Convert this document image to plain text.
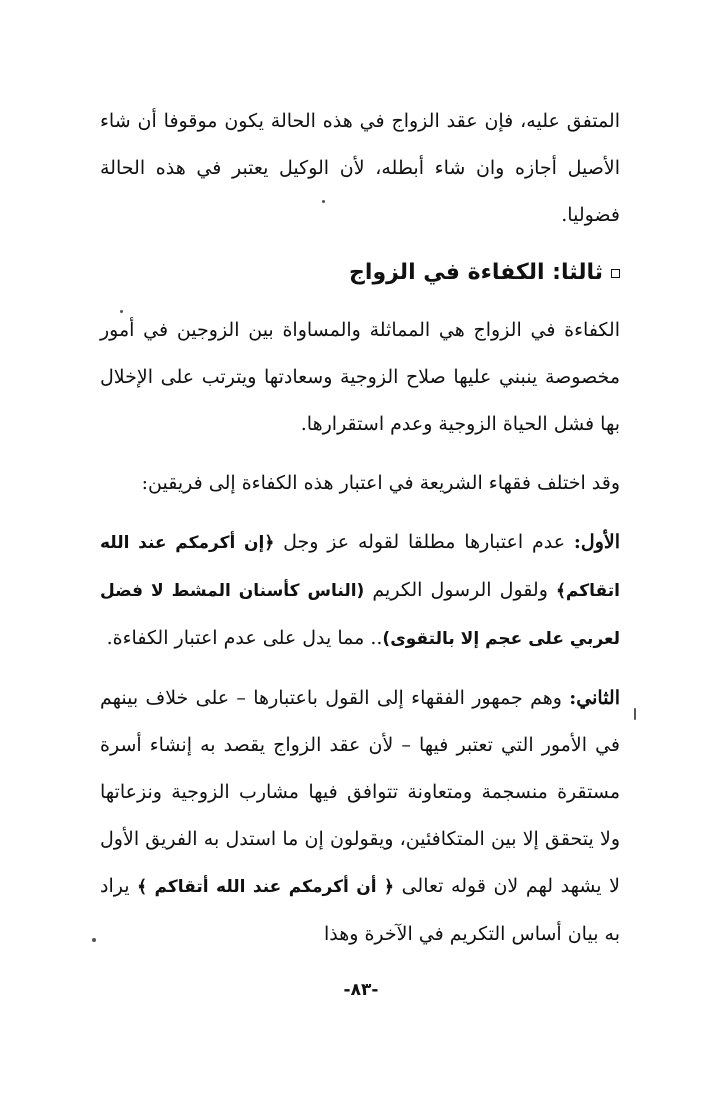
المتفق عليه، فإن عقد الزواج في هذه الحالة يكون موقوفا أن شاء الأصيل أجازه وان شاء أبطله، لأن الوكيل يعتبر في هذه الحالة فضوليا.

ثالثا: الكفاءة في الزواج

الكفاءة في الزواج هي المماثلة والمساواة بين الزوجين في أمور مخصوصة ينبني عليها صلاح الزوجية وسعادتها ويترتب على الإخلال بها فشل الحياة الزوجية وعدم استقرارها.

وقد اختلف فقهاء الشريعة في اعتبار هذه الكفاءة إلى فريقين:

الأول: عدم اعتبارها مطلقا لقوله عز وجل ﴿إن أكرمكم عند الله اتقاكم﴾ ولقول الرسول الكريم (الناس كأسنان المشط لا فضل لعربي على عجم إلا بالتقوى).. مما يدل على عدم اعتبار الكفاءة.

الثاني: وهم جمهور الفقهاء إلى القول باعتبارها – على خلاف بينهم في الأمور التي تعتبر فيها – لأن عقد الزواج يقصد به إنشاء أسرة مستقرة منسجمة ومتعاونة تتوافق فيها مشارب الزوجية ونزعاتها ولا يتحقق إلا بين المتكافئين، ويقولون إن ما استدل به الفريق الأول لا يشهد لهم لان قوله تعالى ﴿ أن أكرمكم عند الله أتقاكم ﴾ يراد به بيان أساس التكريم في الآخرة وهذا

-٨٣-
